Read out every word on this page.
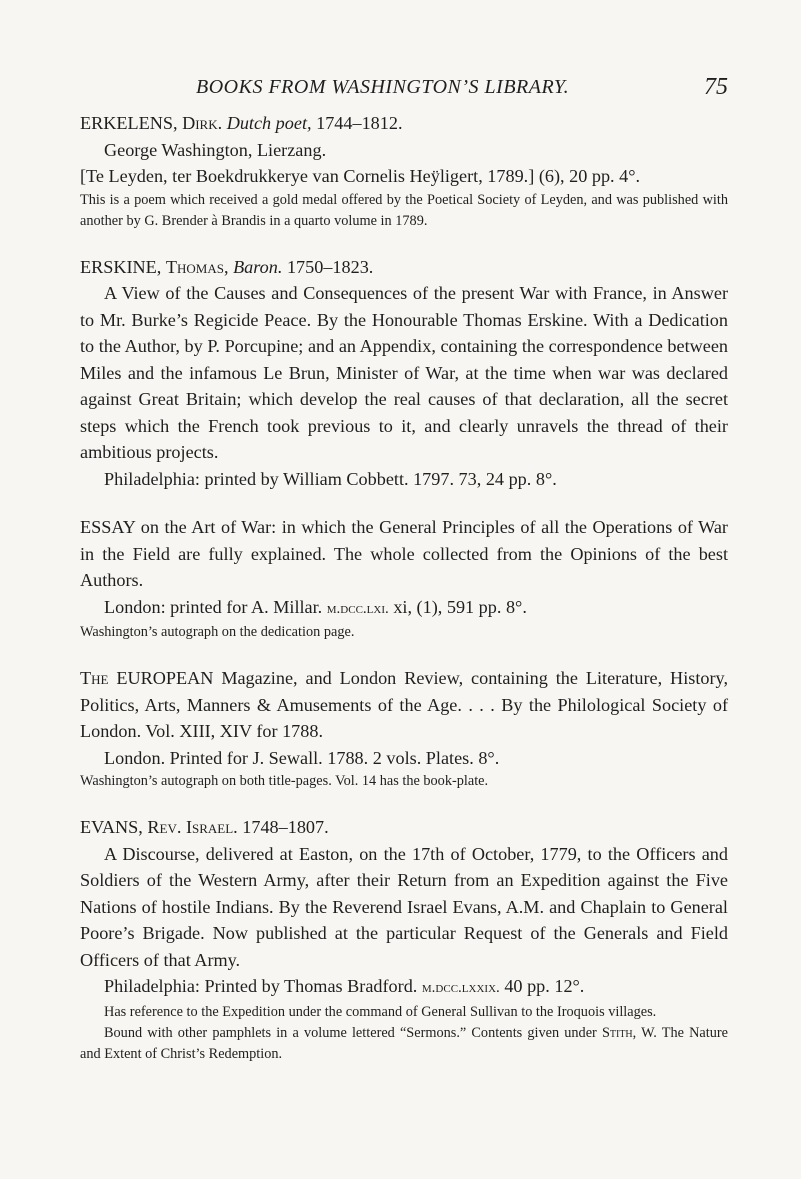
BOOKS FROM WASHINGTON’S LIBRARY.	75

ERKELENS, Dirk. Dutch poet, 1744–1812.

George Washington, Lierzang.

[Te Leyden, ter Boekdrukkerye van Cornelis Heÿligert, 1789.] (6), 20 pp. 4°.

This is a poem which received a gold medal offered by the Poetical Society of Leyden, and was published with another by G. Brender à Brandis in a quarto volume in 1789.

ERSKINE, Thomas, Baron. 1750–1823.

A View of the Causes and Consequences of the present War with France, in Answer to Mr. Burke’s Regicide Peace. By the Honourable Thomas Erskine. With a Dedication to the Author, by P. Porcupine; and an Appendix, containing the correspondence between Miles and the infamous Le Brun, Minister of War, at the time when war was declared against Great Britain; which develop the real causes of that declaration, all the secret steps which the French took previous to it, and clearly unravels the thread of their ambitious projects.

Philadelphia: printed by William Cobbett. 1797. 73, 24 pp. 8°.

ESSAY on the Art of War: in which the General Principles of all the Operations of War in the Field are fully explained. The whole collected from the Opinions of the best Authors.

London: printed for A. Millar. m.dcc.lxi. xi, (1), 591 pp. 8°.

Washington’s autograph on the dedication page.

The EUROPEAN Magazine, and London Review, containing the Literature, History, Politics, Arts, Manners & Amusements of the Age. . . . By the Philological Society of London. Vol. XIII, XIV for 1788.

London. Printed for J. Sewall. 1788. 2 vols. Plates. 8°.

Washington’s autograph on both title-pages. Vol. 14 has the book-plate.

EVANS, Rev. Israel. 1748–1807.

A Discourse, delivered at Easton, on the 17th of October, 1779, to the Officers and Soldiers of the Western Army, after their Return from an Expedition against the Five Nations of hostile Indians. By the Reverend Israel Evans, A.M. and Chaplain to General Poore’s Brigade. Now published at the particular Request of the Generals and Field Officers of that Army.

Philadelphia: Printed by Thomas Bradford. m.dcc.lxxix. 40 pp. 12°.

Has reference to the Expedition under the command of General Sullivan to the Iroquois villages.

Bound with other pamphlets in a volume lettered “Sermons.” Contents given under Stith, W. The Nature and Extent of Christ’s Redemption.
